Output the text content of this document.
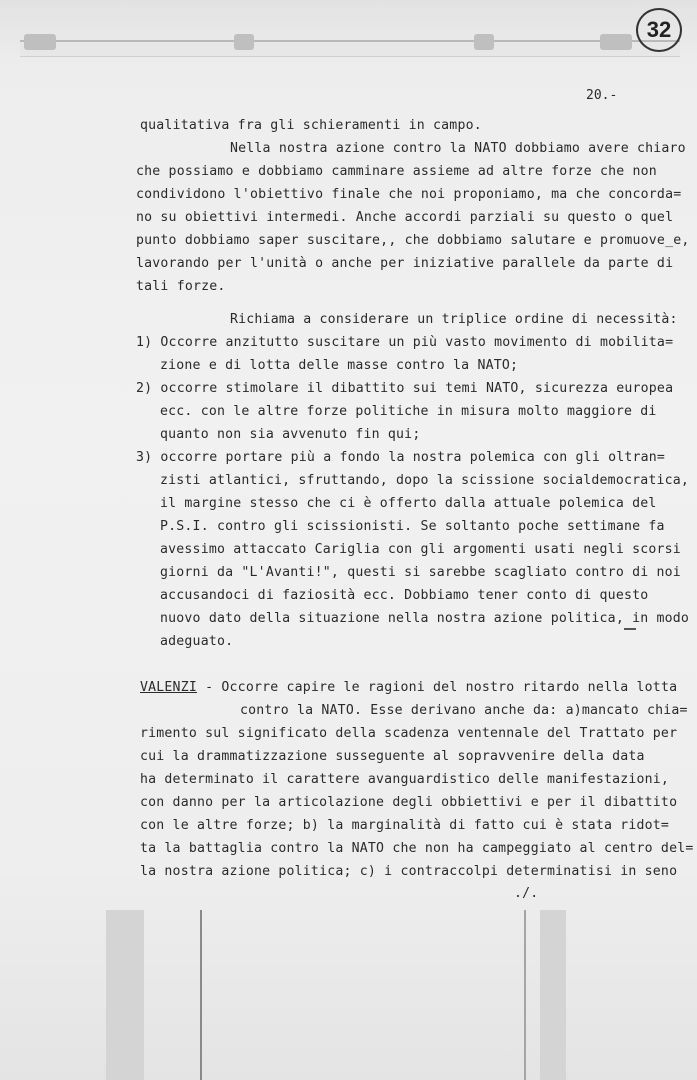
32
20.-
qualitativa fra gli schieramenti in campo.
Nella nostra azione contro la NATO dobbiamo avere chiaro
che possiamo e dobbiamo camminare assieme ad altre forze che non
condividono l'obiettivo finale che noi proponiamo, ma che concorda=
no su obiettivi intermedi. Anche accordi parziali su questo o quel
punto dobbiamo saper suscitare,, che dobbiamo salutare e promuove_e,
lavorando per l'unità o anche per iniziative parallele da parte di
tali forze.
Richiama a considerare un triplice ordine di necessità:
1) Occorre anzitutto suscitare un più vasto movimento di mobilita=
zione e di lotta delle masse contro la NATO;
2) occorre stimolare il dibattito sui temi NATO, sicurezza europea
ecc. con le altre forze politiche in misura molto maggiore di
quanto non sia avvenuto fin qui;
3) occorre portare più a fondo la nostra polemica con gli oltran=
zisti atlantici, sfruttando, dopo la scissione socialdemocratica,
il margine stesso che ci è offerto dalla attuale polemica del
P.S.I. contro gli scissionisti. Se soltanto poche settimane fa
avessimo attaccato Cariglia con gli argomenti usati negli scorsi
giorni da "L'Avanti!", questi si sarebbe scagliato contro di noi
accusandoci di faziosità ecc. Dobbiamo tener conto di questo
nuovo dato della situazione nella nostra azione politica, in modo
adeguato.
VALENZI - Occorre capire le ragioni del nostro ritardo nella lotta
contro la NATO. Esse derivano anche da: a)mancato chia=
rimento sul significato della scadenza ventennale del Trattato per
cui la drammatizzazione susseguente al sopravvenire della data
ha determinato il carattere avanguardistico delle manifestazioni,
con danno per la articolazione degli obbiettivi e per il dibattito
con le altre forze; b) la marginalità di fatto cui è stata ridot=
ta la battaglia contro la NATO che non ha campeggiato al centro del=
la nostra azione politica; c) i contraccolpi determinatisi in seno
./.
